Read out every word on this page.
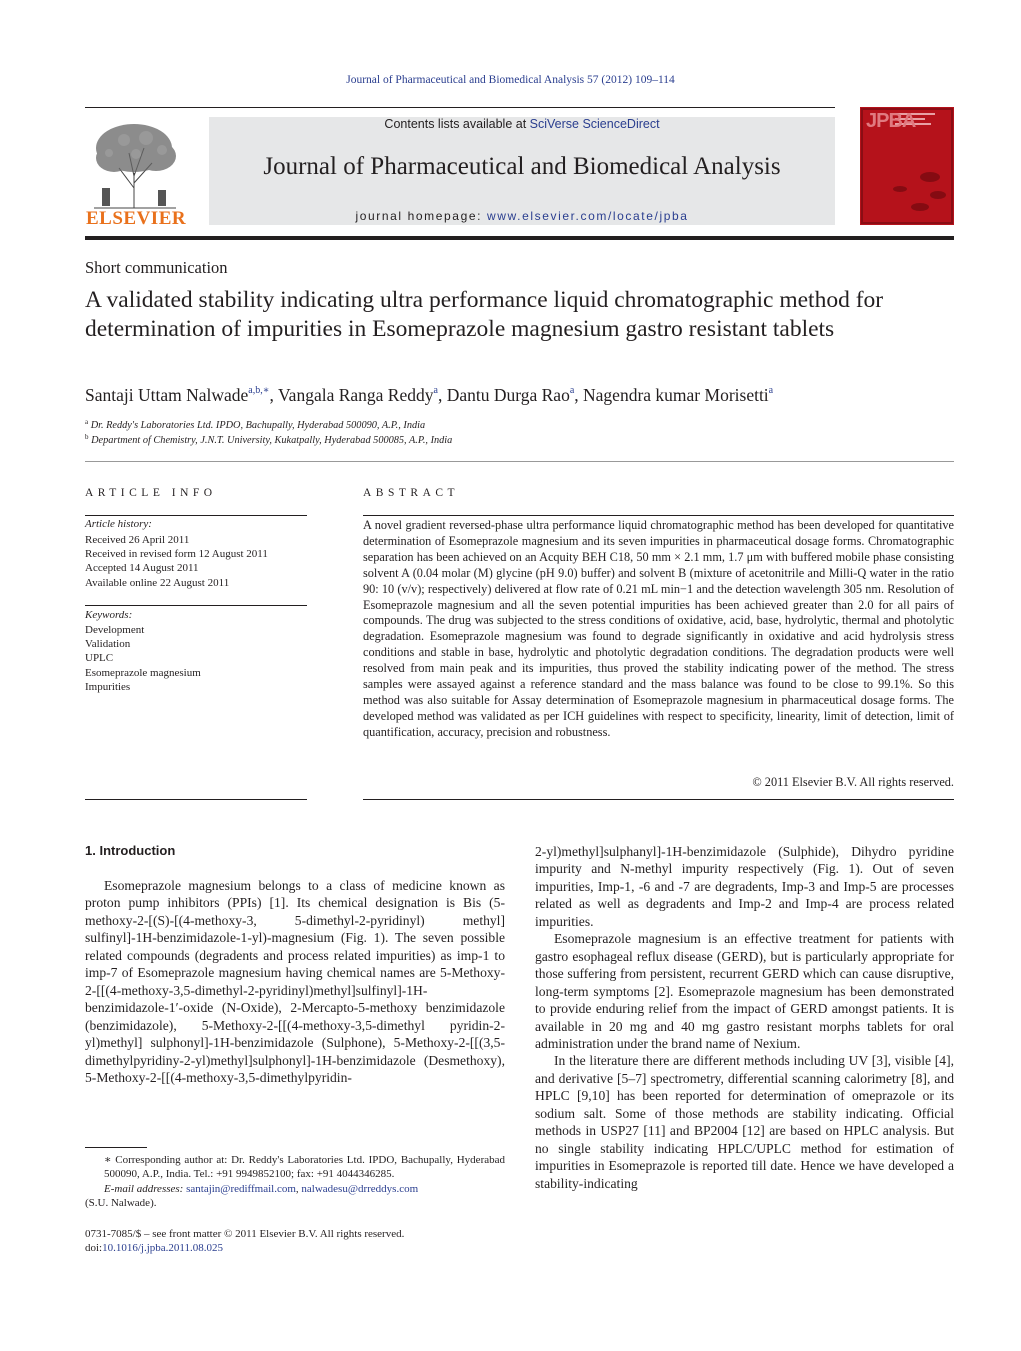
Journal of Pharmaceutical and Biomedical Analysis 57 (2012) 109–114
ELSEVIER
Contents lists available at SciVerse ScienceDirect
Journal of Pharmaceutical and Biomedical Analysis
journal homepage: www.elsevier.com/locate/jpba
JPBA
Short communication
A validated stability indicating ultra performance liquid chromatographic method for determination of impurities in Esomeprazole magnesium gastro resistant tablets
Santaji Uttam Nalwade$^{a,b,∗}$, Vangala Ranga Reddy$^a$, Dantu Durga Rao$^a$, Nagendra kumar Morisetti$^a$
$^a$ Dr. Reddy's Laboratories Ltd. IPDO, Bachupally, Hyderabad 500090, A.P., India
$^b$ Department of Chemistry, J.N.T. University, Kukatpally, Hyderabad 500085, A.P., India
ARTICLE INFO
Article history:
Received 26 April 2011
Received in revised form 12 August 2011
Accepted 14 August 2011
Available online 22 August 2011
Keywords:
Development
Validation
UPLC
Esomeprazole magnesium
Impurities
ABSTRACT
A novel gradient reversed-phase ultra performance liquid chromatographic method has been developed for quantitative determination of Esomeprazole magnesium and its seven impurities in pharmaceutical dosage forms. Chromatographic separation has been achieved on an Acquity BEH C18, 50 mm × 2.1 mm, 1.7 μm with buffered mobile phase consisting solvent A (0.04 molar (M) glycine (pH 9.0) buffer) and solvent B (mixture of acetonitrile and Milli-Q water in the ratio 90: 10 (v/v); respectively) delivered at flow rate of 0.21 mL min−1 and the detection wavelength 305 nm. Resolution of Esomeprazole magnesium and all the seven potential impurities has been achieved greater than 2.0 for all pairs of compounds. The drug was subjected to the stress conditions of oxidative, acid, base, hydrolytic, thermal and photolytic degradation. Esomeprazole magnesium was found to degrade significantly in oxidative and acid hydrolysis stress conditions and stable in base, hydrolytic and photolytic degradation conditions. The degradation products were well resolved from main peak and its impurities, thus proved the stability indicating power of the method. The stress samples were assayed against a reference standard and the mass balance was found to be close to 99.1%. So this method was also suitable for Assay determination of Esomeprazole magnesium in pharmaceutical dosage forms. The developed method was validated as per ICH guidelines with respect to specificity, linearity, limit of detection, limit of quantification, accuracy, precision and robustness.
© 2011 Elsevier B.V. All rights reserved.
1. Introduction

Esomeprazole magnesium belongs to a class of medicine known as proton pump inhibitors (PPIs) [1]. Its chemical designation is Bis (5-methoxy-2-[(S)-[(4-methoxy-3, 5-dimethyl-2-pyridinyl) methyl] sulfinyl]-1H-benzimidazole-1-yl)-magnesium (Fig. 1). The seven possible related compounds (degradents and process related impurities) as imp-1 to imp-7 of Esomeprazole magnesium having chemical names are 5-Methoxy-2-[[(4-methoxy-3,5-dimethyl-2-pyridinyl)methyl]sulfinyl]-1H-benzimidazole-1′-oxide (N-Oxide), 2-Mercapto-5-methoxy benzimidazole (benzimidazole), 5-Methoxy-2-[[(4-methoxy-3,5-dimethyl pyridin-2-yl)methyl] sulphonyl]-1H-benzimidazole (Sulphone), 5-Methoxy-2-[[(3,5-dimethylpyridiny-2-yl)methyl]sulphonyl]-1H-benzimidazole (Desmethoxy), 5-Methoxy-2-[[(4-methoxy-3,5-dimethylpyridin-

2-yl)methyl]sulphanyl]-1H-benzimidazole (Sulphide), Dihydro pyridine impurity and N-methyl impurity respectively (Fig. 1). Out of seven impurities, Imp-1, -6 and -7 are degradents, Imp-3 and Imp-5 are processes related as well as degradents and Imp-2 and Imp-4 are process related impurities.

Esomeprazole magnesium is an effective treatment for patients with gastro esophageal reflux disease (GERD), but is particularly appropriate for those suffering from persistent, recurrent GERD which can cause disruptive, long-term symptoms [2]. Esomeprazole magnesium has been demonstrated to provide enduring relief from the impact of GERD amongst patients. It is available in 20 mg and 40 mg gastro resistant morphs tablets for oral administration under the brand name of Nexium.

In the literature there are different methods including UV [3], visible [4], and derivative [5–7] spectrometry, differential scanning calorimetry [8], and HPLC [9,10] has been reported for determination of omeprazole or its sodium salt. Some of those methods are stability indicating. Official methods in USP27 [11] and BP2004 [12] are based on HPLC analysis. But no single stability indicating HPLC/UPLC method for estimation of impurities in Esomeprazole is reported till date. Hence we have developed a stability-indicating

∗ Corresponding author at: Dr. Reddy's Laboratories Ltd. IPDO, Bachupally, Hyderabad 500090, A.P., India. Tel.: +91 9949852100; fax: +91 4044346285.
E-mail addresses: santajin@rediffmail.com, nalwadesu@drreddys.com
(S.U. Nalwade).
0731-7085/$ – see front matter © 2011 Elsevier B.V. All rights reserved.
doi:10.1016/j.jpba.2011.08.025
